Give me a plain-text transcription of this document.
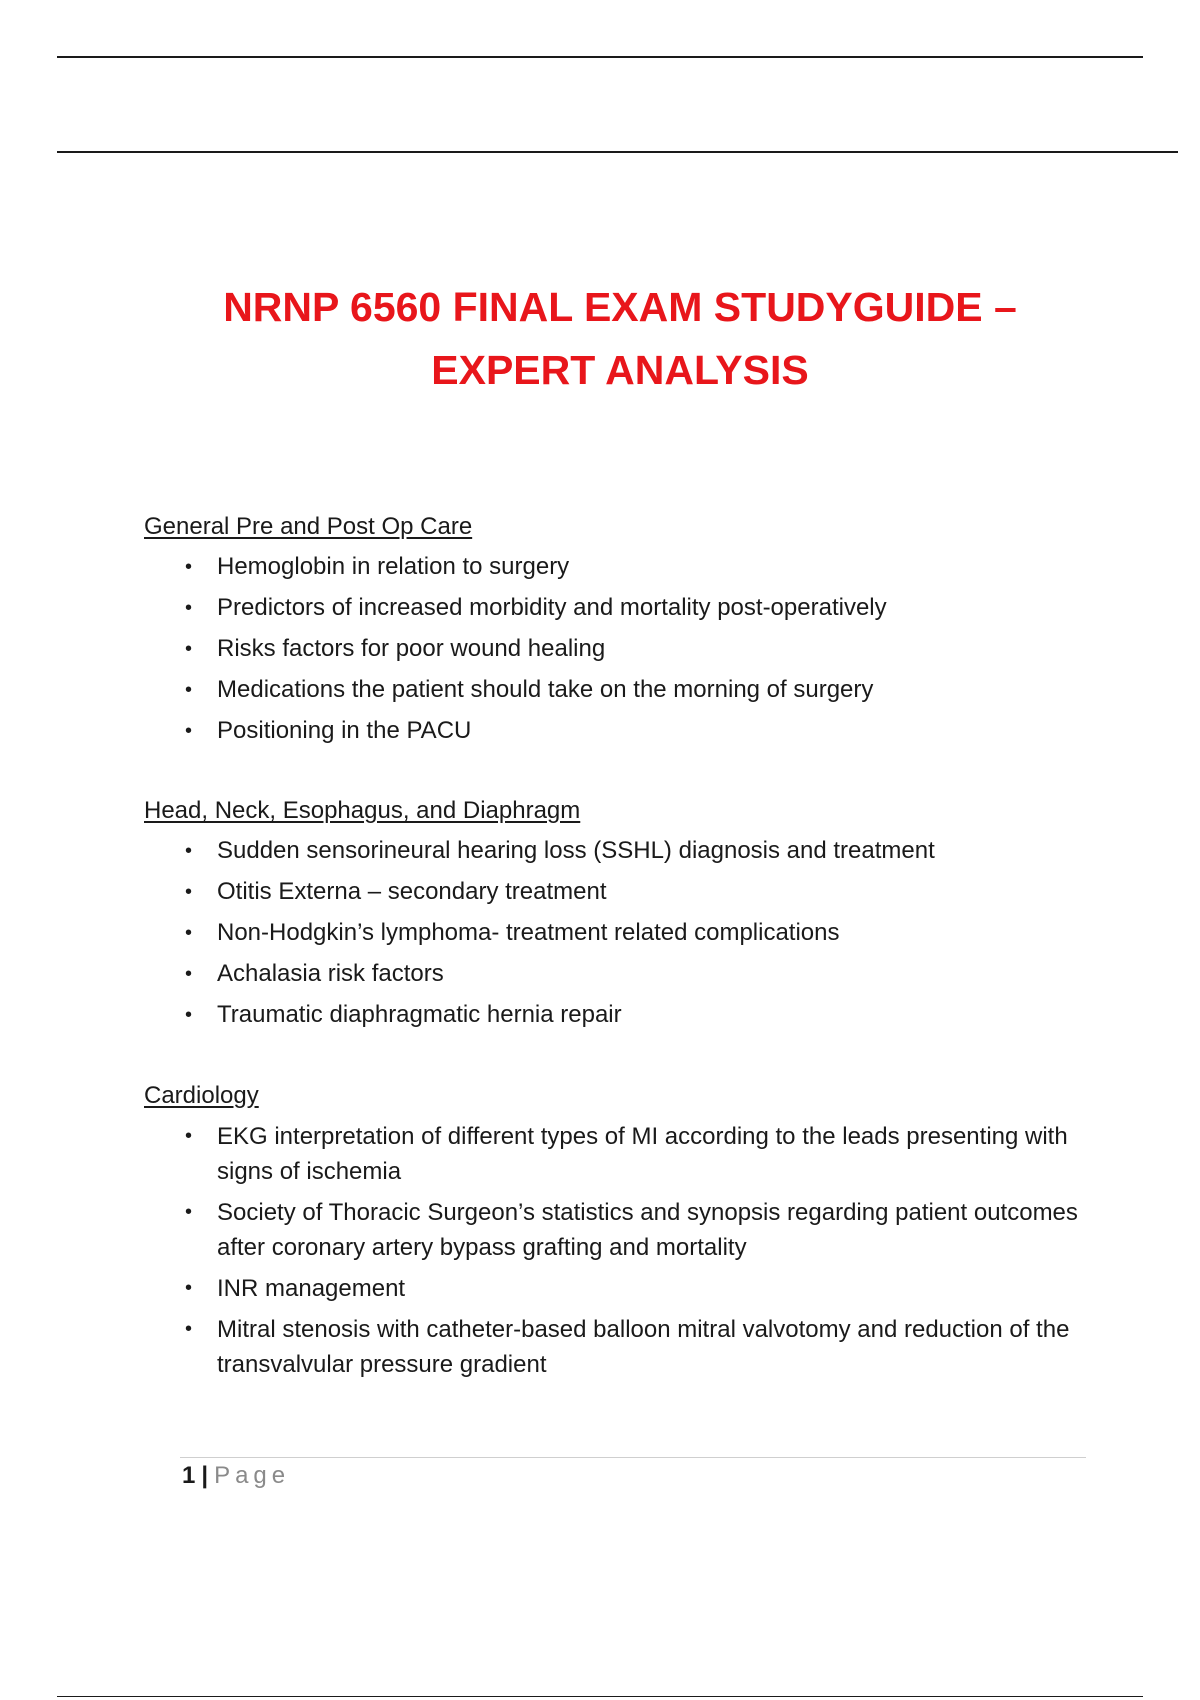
NRNP 6560 FINAL EXAM STUDYGUIDE –
EXPERT ANALYSIS
General Pre and Post Op Care
• Hemoglobin in relation to surgery
• Predictors of increased morbidity and mortality post-operatively
• Risks factors for poor wound healing
• Medications the patient should take on the morning of surgery
• Positioning in the PACU
Head, Neck, Esophagus, and Diaphragm
• Sudden sensorineural hearing loss (SSHL) diagnosis and treatment
• Otitis Externa – secondary treatment
• Non-Hodgkin’s lymphoma- treatment related complications
• Achalasia risk factors
• Traumatic diaphragmatic hernia repair
Cardiology
• EKG interpretation of different types of MI according to the leads presenting with signs of ischemia
• Society of Thoracic Surgeon’s statistics and synopsis regarding patient outcomes after coronary artery bypass grafting and mortality
• INR management
• Mitral stenosis with catheter-based balloon mitral valvotomy and reduction of the transvalvular pressure gradient
1 | Page
